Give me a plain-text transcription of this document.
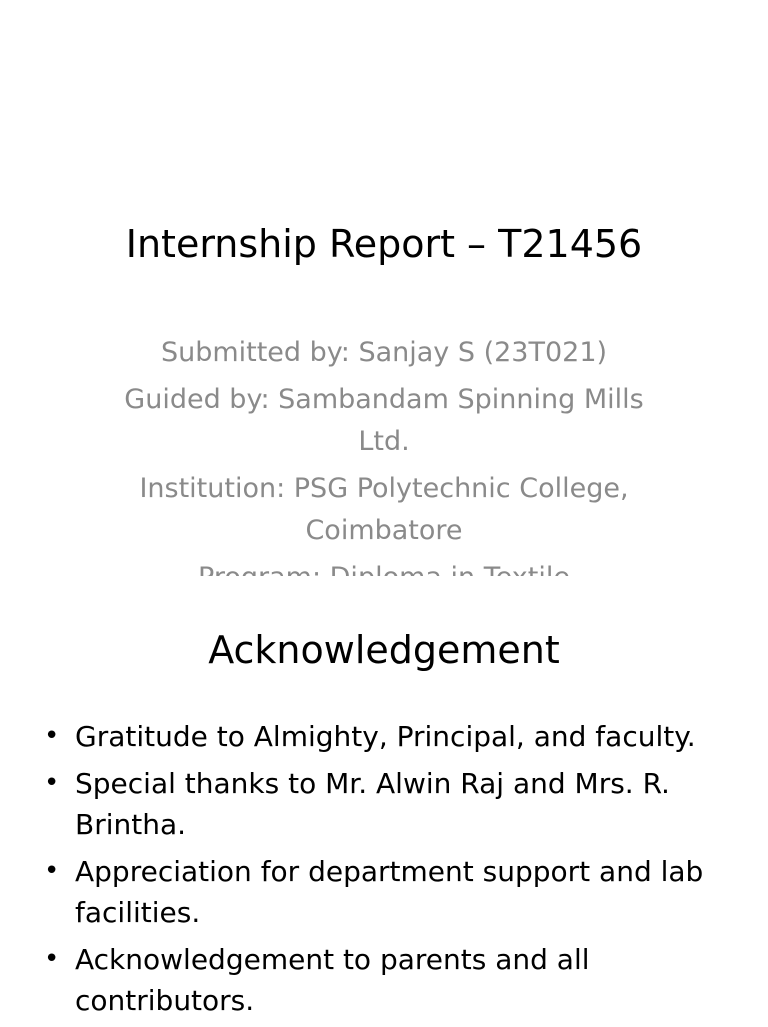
Internship Report – T21456

Submitted by: Sanjay S (23T021)

Guided by: Sambandam Spinning Mills Ltd.

Institution: PSG Polytechnic College, Coimbatore

Acknowledgement
• Gratitude to Almighty, Principal, and faculty.
• Special thanks to Mr. Alwin Raj and Mrs. R. Brintha.
• Appreciation for department support and lab facilities.
• Acknowledgement to parents and all contributors.
